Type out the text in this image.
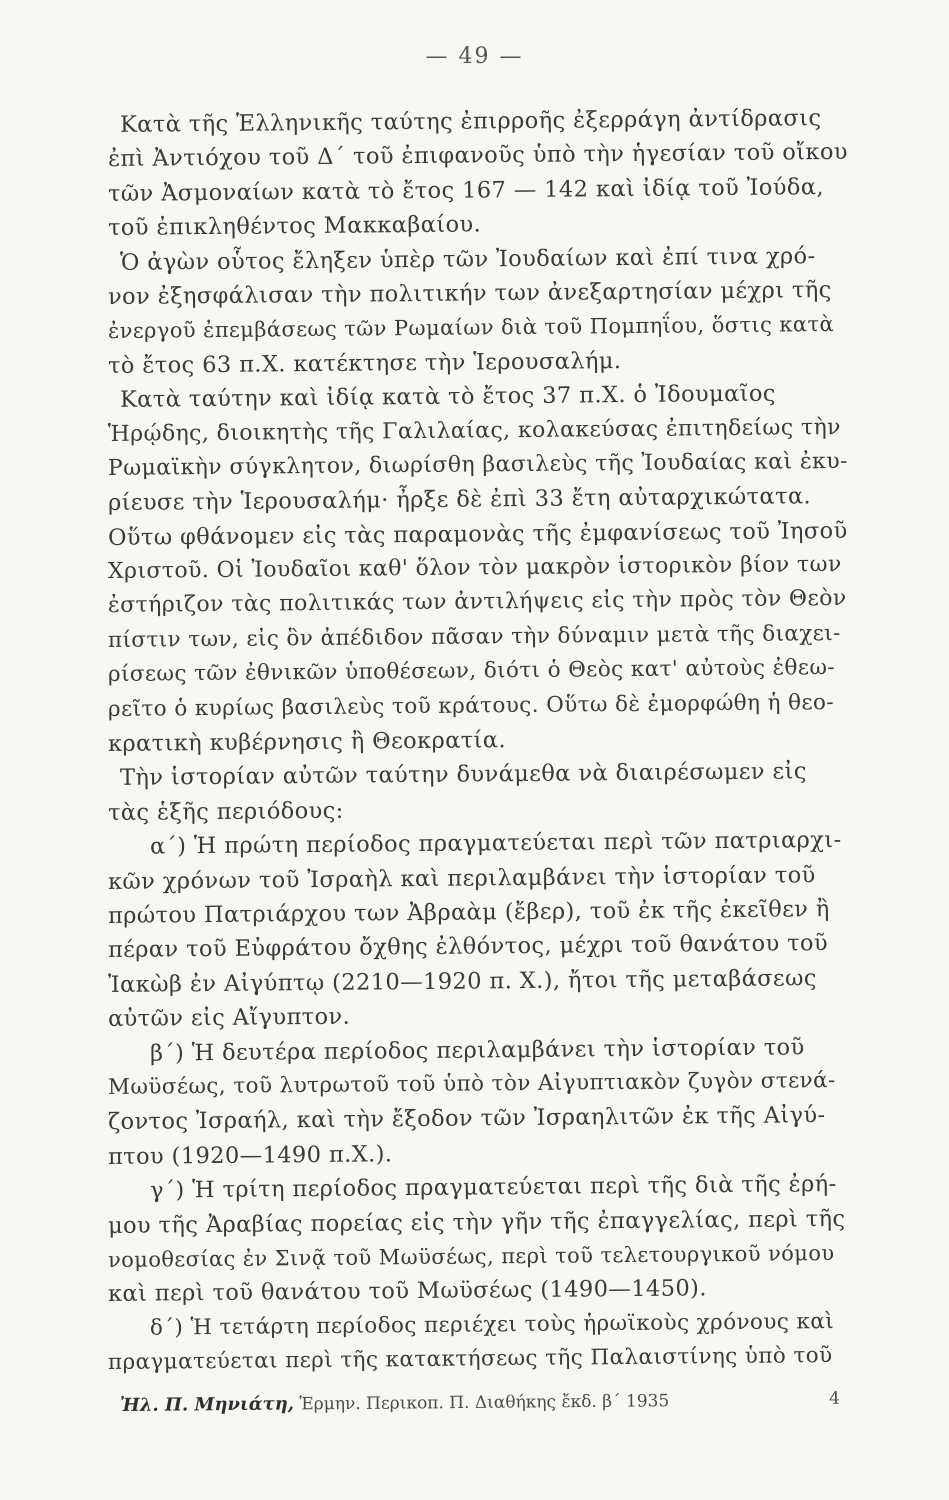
— 49 —
Κατὰ τῆς Ἑλληνικῆς ταύτης ἐπιρροῆς ἐξερράγη ἀντίδρασις
ἐπὶ Ἀντιόχου τοῦ Δ΄ τοῦ ἐπιφανοῦς ὑπὸ τὴν ἡγεσίαν τοῦ οἴκου
τῶν Ἀσμοναίων κατὰ τὸ ἔτος 167 — 142 καὶ ἰδίᾳ τοῦ Ἰούδα,
τοῦ ἐπικληθέντος Μακκαβαίου.
Ὁ ἀγὼν οὗτος ἔληξεν ὑπὲρ τῶν Ἰουδαίων καὶ ἐπί τινα χρό-
νον ἐξησφάλισαν τὴν πολιτικήν των ἀνεξαρτησίαν μέχρι τῆς
ἐνεργοῦ ἐπεμβάσεως τῶν Ρωμαίων διὰ τοῦ Πομπηΐου, ὅστις κατὰ
τὸ ἔτος 63 π.Χ. κατέκτησε τὴν Ἱερουσαλήμ.
Κατὰ ταύτην καὶ ἰδίᾳ κατὰ τὸ ἔτος 37 π.Χ. ὁ Ἰδουμαῖος
Ἡρῴδης, διοικητὴς τῆς Γαλιλαίας, κολακεύσας ἐπιτηδείως τὴν
Ρωμαϊκὴν σύγκλητον, διωρίσθη βασιλεὺς τῆς Ἰουδαίας καὶ ἐκυ-
ρίευσε τὴν Ἱερουσαλήμ· ἦρξε δὲ ἐπὶ 33 ἔτη αὐταρχικώτατα.
Οὕτω φθάνομεν εἰς τὰς παραμονὰς τῆς ἐμφανίσεως τοῦ Ἰησοῦ
Χριστοῦ. Οἱ Ἰουδαῖοι καθ' ὅλον τὸν μακρὸν ἱστορικὸν βίον των
ἐστήριζον τὰς πολιτικάς των ἀντιλήψεις εἰς τὴν πρὸς τὸν Θεὸν
πίστιν των, εἰς ὃν ἀπέδιδον πᾶσαν τὴν δύναμιν μετὰ τῆς διαχει-
ρίσεως τῶν ἐθνικῶν ὑποθέσεων, διότι ὁ Θεὸς κατ' αὐτοὺς ἐθεω-
ρεῖτο ὁ κυρίως βασιλεὺς τοῦ κράτους. Οὕτω δὲ ἐμορφώθη ἡ θεο-
κρατικὴ κυβέρνησις ἢ Θεοκρατία.
Τὴν ἱστορίαν αὐτῶν ταύτην δυνάμεθα νὰ διαιρέσωμεν εἰς
τὰς ἑξῆς περιόδους:
α΄) Ἡ πρώτη περίοδος πραγματεύεται περὶ τῶν πατριαρχι-
κῶν χρόνων τοῦ Ἰσραὴλ καὶ περιλαμβάνει τὴν ἱστορίαν τοῦ
πρώτου Πατριάρχου των Ἀβραὰμ (ἔβερ), τοῦ ἐκ τῆς ἐκεῖθεν ἢ
πέραν τοῦ Εὐφράτου ὄχθης ἐλθόντος, μέχρι τοῦ θανάτου τοῦ
Ἰακὼβ ἐν Αἰγύπτῳ (2210—1920 π. Χ.), ἤτοι τῆς μεταβάσεως
αὐτῶν εἰς Αἴγυπτον.
β΄) Ἡ δευτέρα περίοδος περιλαμβάνει τὴν ἱστορίαν τοῦ
Μωϋσέως, τοῦ λυτρωτοῦ τοῦ ὑπὸ τὸν Αἰγυπτιακὸν ζυγὸν στενά-
ζοντος Ἰσραήλ, καὶ τὴν ἔξοδον τῶν Ἰσραηλιτῶν ἐκ τῆς Αἰγύ-
πτου (1920—1490 π.Χ.).
γ΄) Ἡ τρίτη περίοδος πραγματεύεται περὶ τῆς διὰ τῆς ἐρή-
μου τῆς Ἀραβίας πορείας εἰς τὴν γῆν τῆς ἐπαγγελίας, περὶ τῆς
νομοθεσίας ἐν Σινᾷ τοῦ Μωϋσέως, περὶ τοῦ τελετουργικοῦ νόμου
καὶ περὶ τοῦ θανάτου τοῦ Μωϋσέως (1490—1450).
δ΄) Ἡ τετάρτη περίοδος περιέχει τοὺς ἡρωϊκοὺς χρόνους καὶ
πραγματεύεται περὶ τῆς κατακτήσεως τῆς Παλαιστίνης ὑπὸ τοῦ
Ἠλ. Π. Μηνιάτη, Ἑρμην. Περικοπ. Π. Διαθήκης ἔκδ. β΄ 1935	4
